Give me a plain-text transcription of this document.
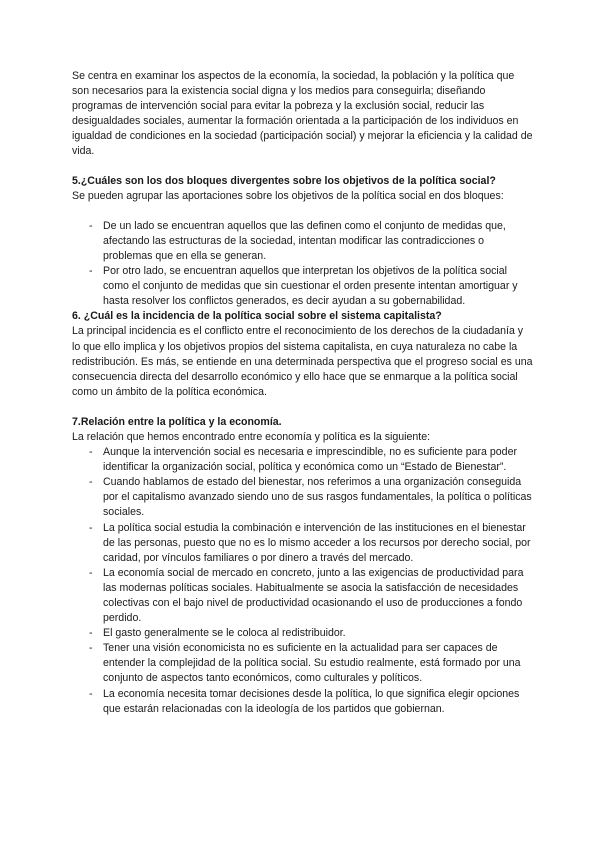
Se centra en examinar los aspectos de la economía, la sociedad, la población y la política que son necesarios para la existencia social digna y los medios para conseguirla; diseñando programas de intervención social para evitar la pobreza y la exclusión social, reducir las desigualdades sociales, aumentar la formación orientada a la participación de los individuos en igualdad de condiciones en la sociedad (participación social) y mejorar la eficiencia y la calidad de vida.

5.¿Cuáles son los dos bloques divergentes sobre los objetivos de la política social?

Se pueden agrupar las aportaciones sobre los objetivos de la política social en dos bloques:

- De un lado se encuentran aquellos que las definen como el conjunto de medidas que, afectando las estructuras de la sociedad, intentan modificar las contradicciones o problemas que en ella se generan.
- Por otro lado, se encuentran aquellos que interpretan los objetivos de la política social como el conjunto de medidas que sin cuestionar el orden presente intentan amortiguar y hasta resolver los conflictos generados, es decir ayudan a su gobernabilidad.

6. ¿Cuál es la incidencia de la política social sobre el sistema capitalista?

La principal incidencia es el conflicto entre el reconocimiento de los derechos de la ciudadanía y lo que ello implica y los objetivos propios del sistema capitalista, en cuya naturaleza no cabe la redistribución. Es más, se entiende en una determinada perspectiva que el progreso social es una consecuencia directa del desarrollo económico y ello hace que se enmarque a la política social como un ámbito de la política económica.

7.Relación entre la política y la economía.

La relación que hemos encontrado entre economía y política es la siguiente:

- Aunque la intervención social es necesaria e imprescindible, no es suficiente para poder identificar la organización social, política y económica como un “Estado de Bienestar”.
- Cuando hablamos de estado del bienestar, nos referimos a una organización conseguida por el capitalismo avanzado siendo uno de sus rasgos fundamentales, la política o políticas sociales.
- La política social estudia la combinación e intervención de las instituciones en el bienestar de las personas, puesto que no es lo mismo acceder a los recursos por derecho social, por caridad, por vínculos familiares o por dinero a través del mercado.
- La economía social de mercado en concreto, junto a las exigencias de productividad para las modernas políticas sociales. Habitualmente se asocia la satisfacción de necesidades colectivas con el bajo nivel de productividad ocasionando el uso de producciones a fondo perdido.
- El gasto generalmente se le coloca al redistribuidor.
- Tener una visión economicista no es suficiente en la actualidad para ser capaces de entender la complejidad de la política social. Su estudio realmente, está formado por una conjunto de aspectos tanto económicos, como culturales y políticos.
- La economía necesita tomar decisiones desde la política, lo que significa elegir opciones que estarán relacionadas con la ideología de los partidos que gobiernan.
